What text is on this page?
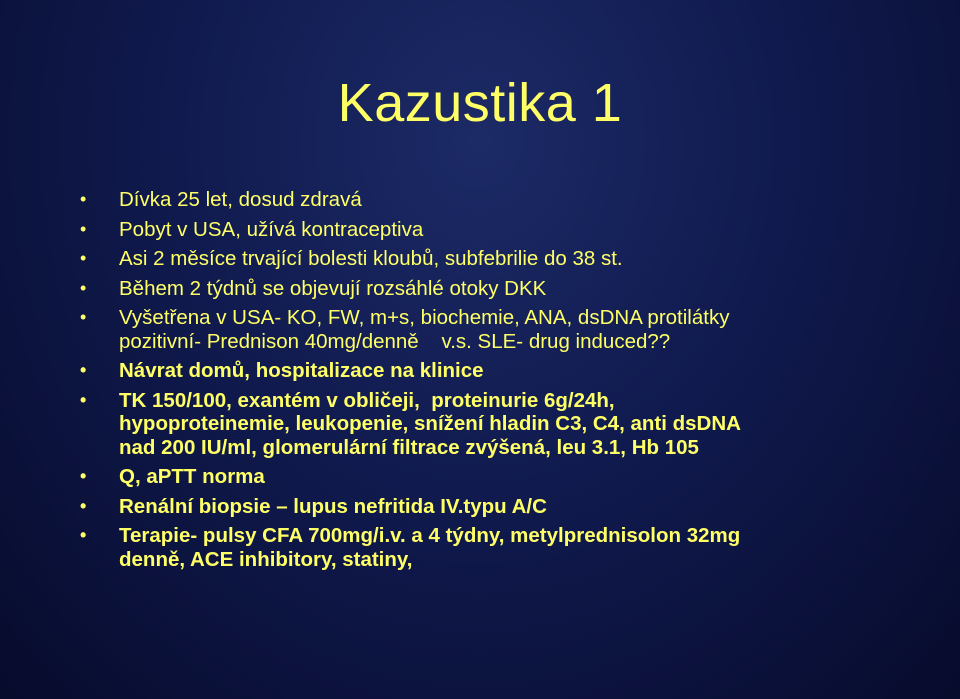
Kazustika 1
• Dívka 25 let, dosud zdravá
• Pobyt v USA, užívá kontraceptiva
• Asi 2 měsíce trvající bolesti kloubů, subfebrilie do 38 st.
• Během 2 týdnů se objevují rozsáhlé otoky DKK
• Vyšetřena v USA- KO, FW, m+s, biochemie, ANA, dsDNA protilátky
pozitivní- Prednison 40mg/denně    v.s. SLE- drug induced??
• Návrat domů, hospitalizace na klinice
• TK 150/100, exantém v obličeji,  proteinurie 6g/24h,
hypoproteinemie, leukopenie, snížení hladin C3, C4, anti dsDNA
nad 200 IU/ml, glomerulární filtrace zvýšená, leu 3.1, Hb 105
• Q, aPTT norma
• Renální biopsie – lupus nefritida IV.typu A/C
• Terapie- pulsy CFA 700mg/i.v. a 4 týdny, metylprednisolon 32mg
denně, ACE inhibitory, statiny,
